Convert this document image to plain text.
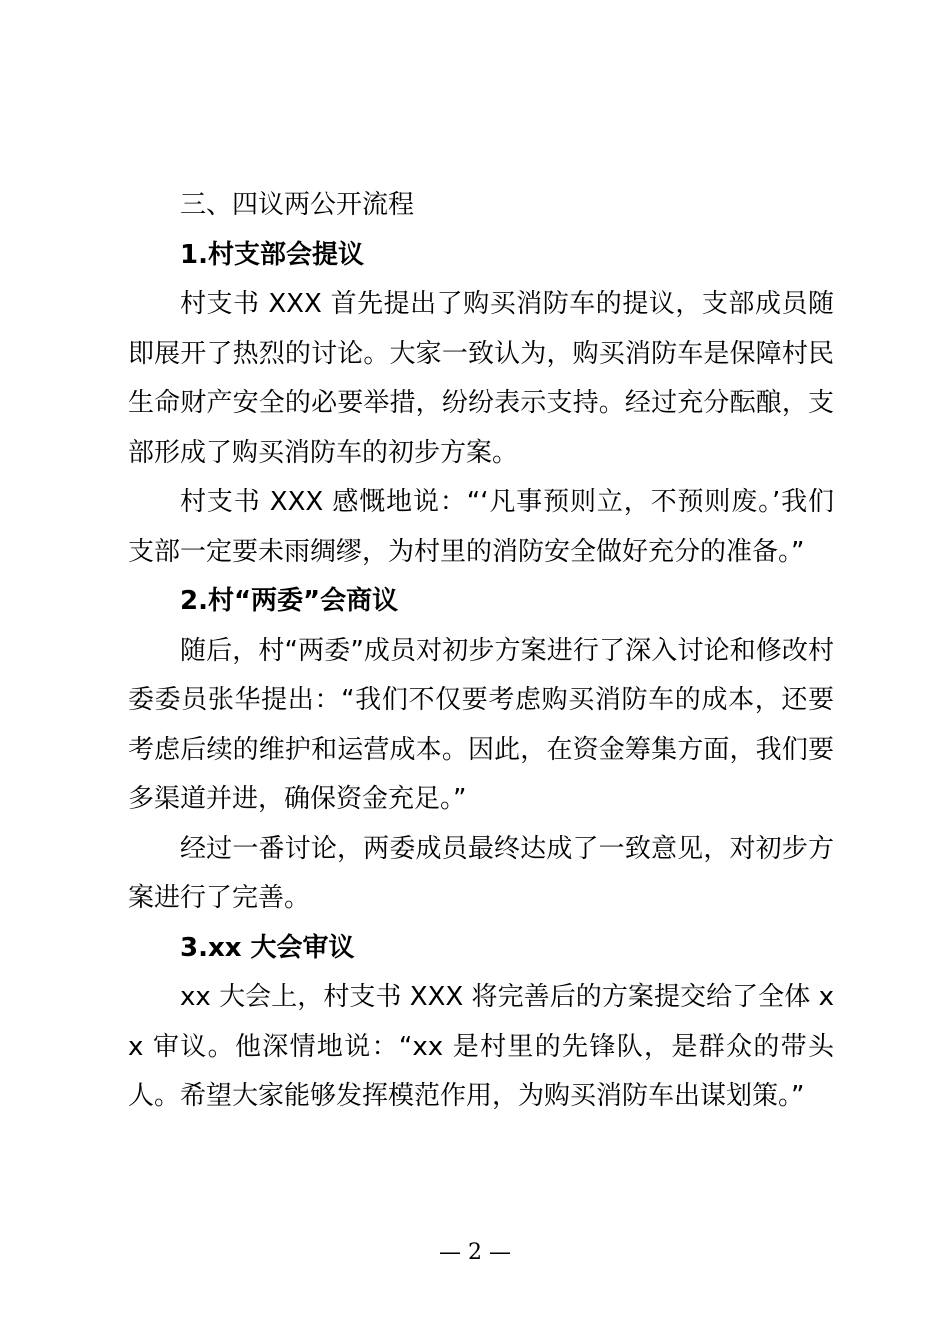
三、四议两公开流程

1.村支部会提议

村支书 XXX 首先提出了购买消防车的提议，支部成员随即展开了热烈的讨论。大家一致认为，购买消防车是保障村民生命财产安全的必要举措，纷纷表示支持。经过充分酝酿，支部形成了购买消防车的初步方案。

村支书 XXX 感慨地说：“‘凡事预则立，不预则废。’我们支部一定要未雨绸缪，为村里的消防安全做好充分的准备。”

2.村“两委”会商议

随后，村“两委”成员对初步方案进行了深入讨论和修改村委委员张华提出：“我们不仅要考虑购买消防车的成本，还要考虑后续的维护和运营成本。因此，在资金筹集方面，我们要多渠道并进，确保资金充足。”

经过一番讨论，两委成员最终达成了一致意见，对初步方案进行了完善。

3.xx 大会审议

xx 大会上，村支书 XXX 将完善后的方案提交给了全体 xx 审议。他深情地说：“xx 是村里的先锋队，是群众的带头人。希望大家能够发挥模范作用，为购买消防车出谋划策。”

— 2 —
